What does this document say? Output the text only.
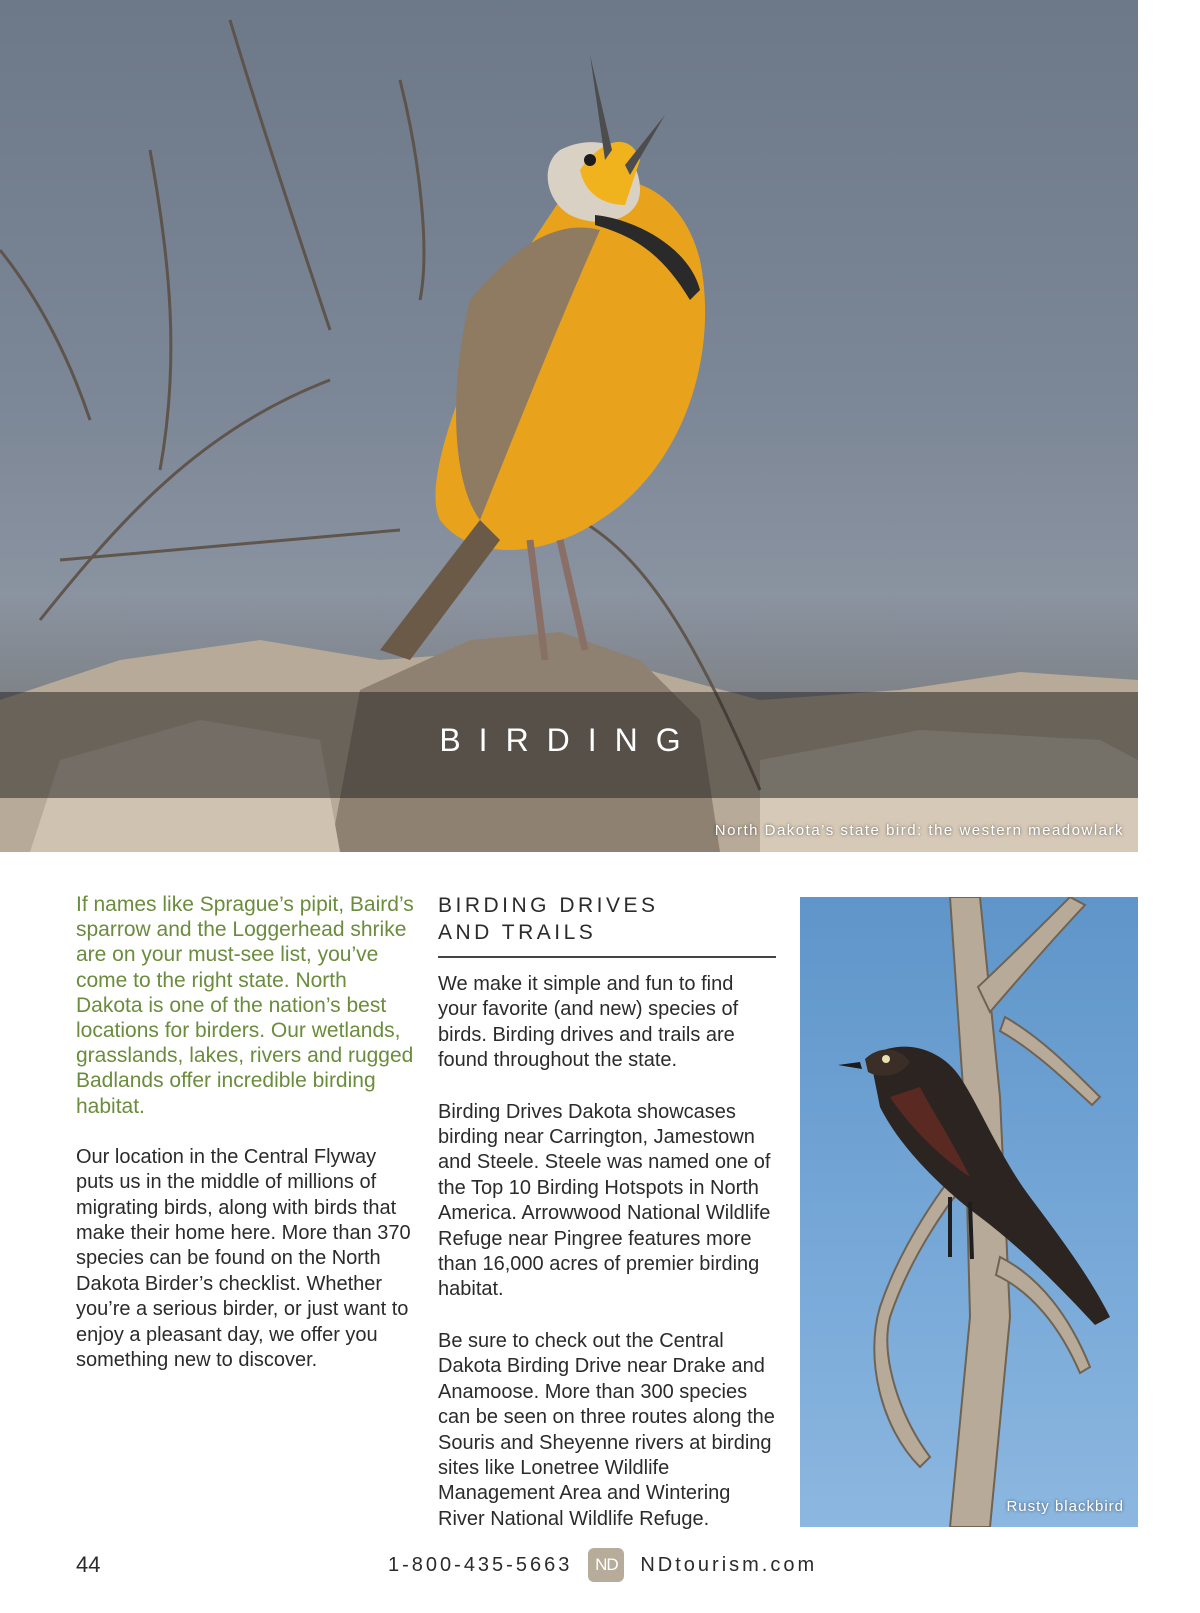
BIRDING
North Dakota’s state bird: the western meadowlark

If names like Sprague’s pipit, Baird’s sparrow and the Loggerhead shrike are on your must-see list, you’ve come to the right state. North Dakota is one of the nation’s best locations for birders. Our wetlands, grasslands, lakes, rivers and rugged Badlands offer incredible birding habitat.

Our location in the Central Flyway puts us in the middle of millions of migrating birds, along with birds that make their home here. More than 370 species can be found on the North Dakota Birder’s checklist. Whether you’re a serious birder, or just want to enjoy a pleasant day, we offer you something new to discover.

BIRDING DRIVES
AND TRAILS

We make it simple and fun to find your favorite (and new) species of birds. Birding drives and trails are found throughout the state.

Birding Drives Dakota showcases birding near Carrington, Jamestown and Steele. Steele was named one of the Top 10 Birding Hotspots in North America. Arrowwood National Wildlife Refuge near Pingree features more than 16,000 acres of premier birding habitat.

Be sure to check out the Central Dakota Birding Drive near Drake and Anamoose. More than 300 species can be seen on three routes along the Souris and Sheyenne rivers at birding sites like Lonetree Wildlife Management Area and Wintering River National Wildlife Refuge.

Rusty blackbird
44	1-800-435-5663	ND	NDtourism.com
